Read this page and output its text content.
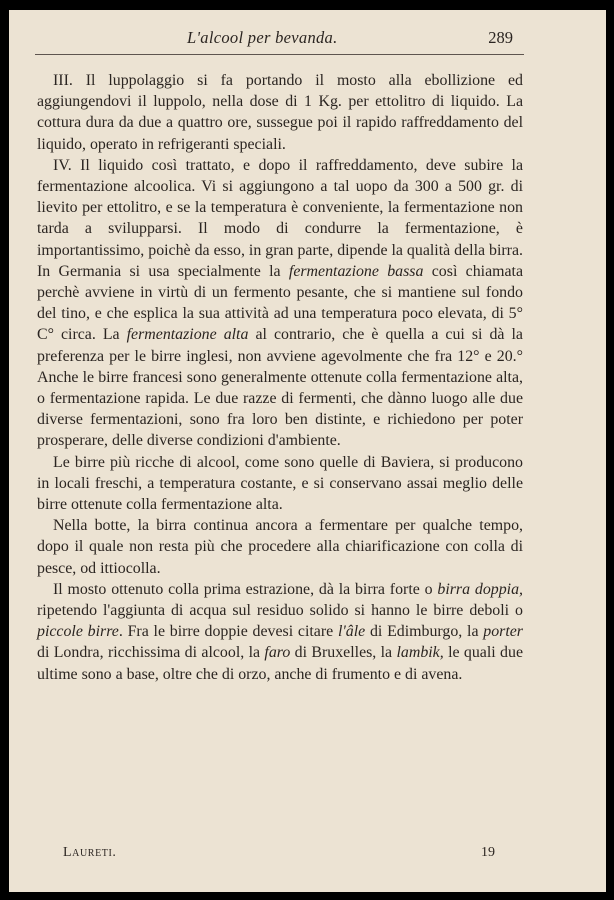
L'alcool per bevanda.	289

III. Il luppolaggio si fa portando il mosto alla ebollizione ed aggiungendovi il luppolo, nella dose di 1 Kg. per ettolitro di liquido. La cottura dura da due a quattro ore, sussegue poi il rapido raffreddamento del liquido, operato in refrigeranti speciali.

IV. Il liquido così trattato, e dopo il raffreddamento, deve subire la fermentazione alcoolica. Vi si aggiungono a tal uopo da 300 a 500 gr. di lievito per ettolitro, e se la temperatura è conveniente, la fermentazione non tarda a svilupparsi. Il modo di condurre la fermentazione, è importantissimo, poichè da esso, in gran parte, dipende la qualità della birra. In Germania si usa specialmente la fermentazione bassa così chiamata perchè avviene in virtù di un fermento pesante, che si mantiene sul fondo del tino, e che esplica la sua attività ad una temperatura poco elevata, di 5° C° circa. La fermentazione alta al contrario, che è quella a cui si dà la preferenza per le birre inglesi, non avviene agevolmente che fra 12° e 20.° Anche le birre francesi sono generalmente ottenute colla fermentazione alta, o fermentazione rapida. Le due razze di fermenti, che dànno luogo alle due diverse fermentazioni, sono fra loro ben distinte, e richiedono per poter prosperare, delle diverse condizioni d'ambiente.

Le birre più ricche di alcool, come sono quelle di Baviera, si producono in locali freschi, a temperatura costante, e si conservano assai meglio delle birre ottenute colla fermentazione alta.

Nella botte, la birra continua ancora a fermentare per qualche tempo, dopo il quale non resta più che procedere alla chiarificazione con colla di pesce, od ittiocolla.

Il mosto ottenuto colla prima estrazione, dà la birra forte o birra doppia, ripetendo l'aggiunta di acqua sul residuo solido si hanno le birre deboli o piccole birre. Fra le birre doppie devesi citare l'âle di Edimburgo, la porter di Londra, ricchissima di alcool, la faro di Bruxelles, la lambik, le quali due ultime sono a base, oltre che di orzo, anche di frumento e di avena.

Laureti.	19
